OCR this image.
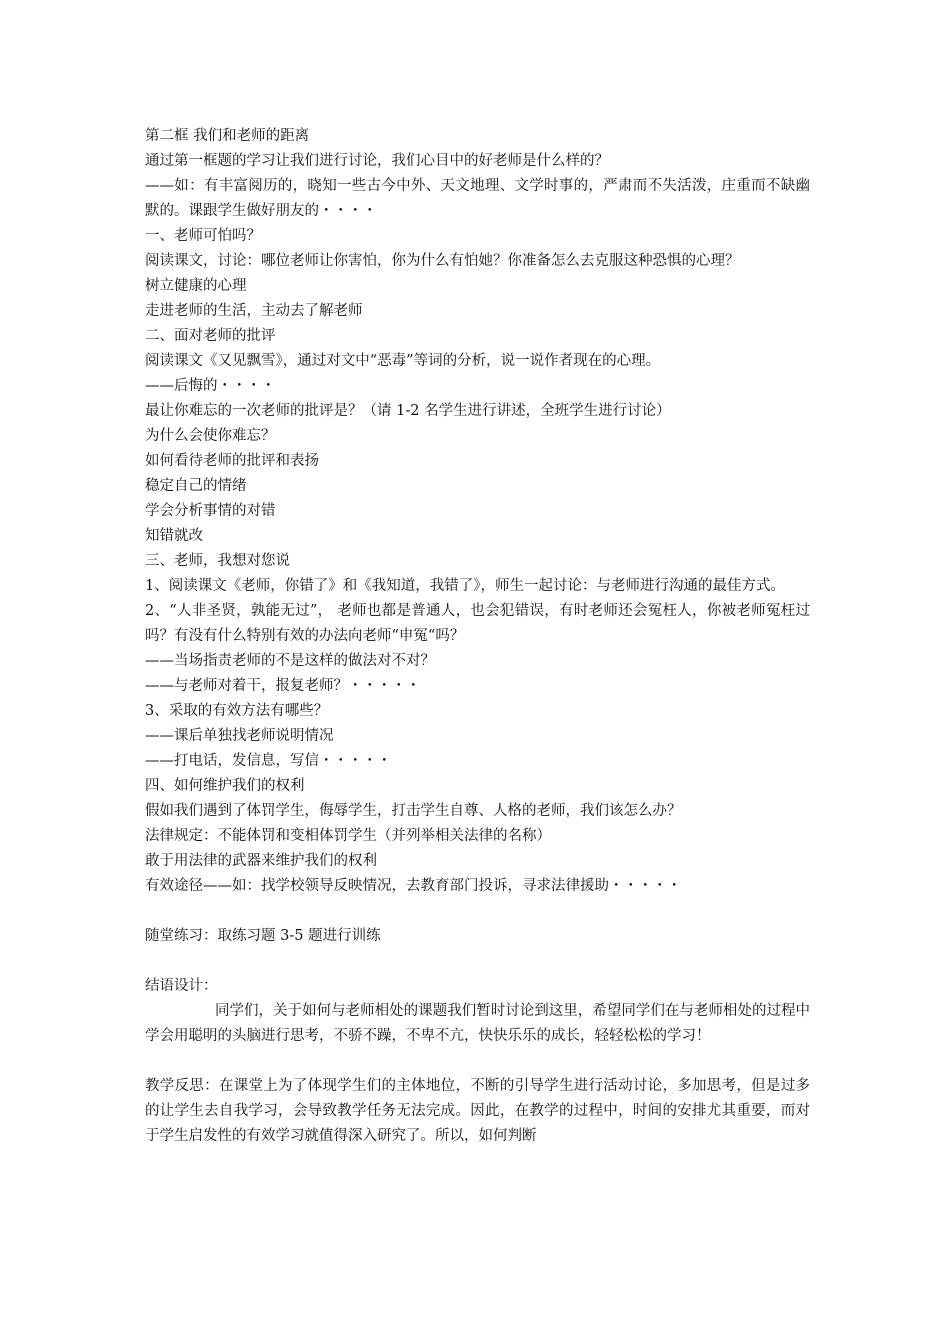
第二框 我们和老师的距离
通过第一框题的学习让我们进行讨论，我们心目中的好老师是什么样的？
——如：有丰富阅历的，晓知一些古今中外、天文地理、文学时事的，严肃而不失活泼，庄重而不缺幽默的。课跟学生做好朋友的・・・・
一、老师可怕吗？
阅读课文，讨论：哪位老师让你害怕，你为什么有怕她？你准备怎么去克服这种恐惧的心理？
树立健康的心理
走进老师的生活，主动去了解老师
二、面对老师的批评
阅读课文《又见飘雪》，通过对文中“恶毒”等词的分析，说一说作者现在的心理。
——后悔的・・・・
最让你难忘的一次老师的批评是？（请 1-2 名学生进行讲述，全班学生进行讨论）
为什么会使你难忘？
如何看待老师的批评和表扬
稳定自己的情绪
学会分析事情的对错
知错就改
三、老师，我想对您说
1、阅读课文《老师，你错了》和《我知道，我错了》，师生一起讨论：与老师进行沟通的最佳方式。
2、“人非圣贤，孰能无过”， 老师也都是普通人，也会犯错误，有时老师还会冤枉人，你被老师冤枉过吗？有没有什么特别有效的办法向老师“申冤“吗？
——当场指责老师的不是这样的做法对不对？
——与老师对着干，报复老师？・・・・・
3、采取的有效方法有哪些？
——课后单独找老师说明情况
——打电话，发信息，写信・・・・・
四、如何维护我们的权利
假如我们遇到了体罚学生，侮辱学生，打击学生自尊、人格的老师，我们该怎么办？
法律规定：不能体罚和变相体罚学生（并列举相关法律的名称）
敢于用法律的武器来维护我们的权利
有效途径——如：找学校领导反映情况，去教育部门投诉，寻求法律援助・・・・・
随堂练习：取练习题 3-5 题进行训练
结语设计：
同学们，关于如何与老师相处的课题我们暂时讨论到这里，希望同学们在与老师相处的过程中学会用聪明的头脑进行思考，不骄不躁，不卑不亢，快快乐乐的成长，轻轻松松的学习！
教学反思：在课堂上为了体现学生们的主体地位，不断的引导学生进行活动讨论，多加思考，但是过多的让学生去自我学习，会导致教学任务无法完成。因此，在教学的过程中，时间的安排尤其重要，而对于学生启发性的有效学习就值得深入研究了。所以，如何判断
